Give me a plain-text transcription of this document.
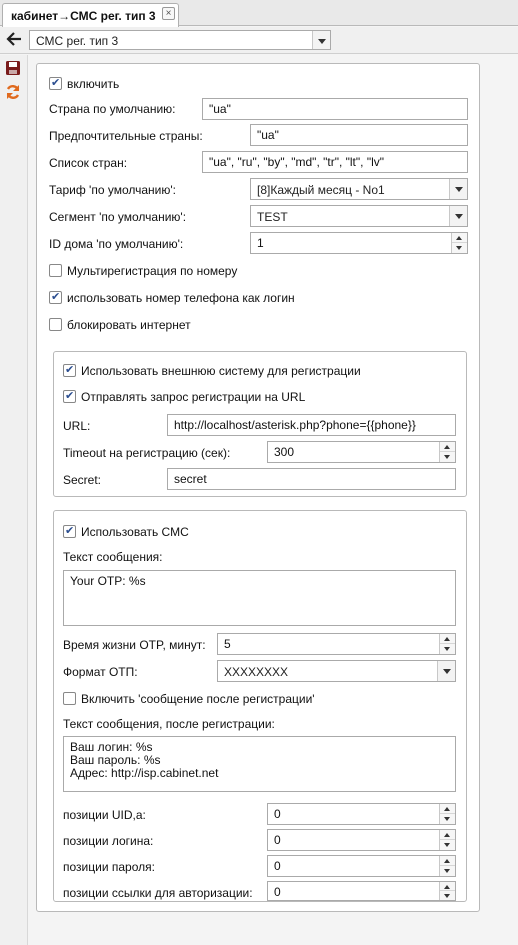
кабинет→СМС рег. тип 3 ×
СМС рег. тип 3
✔
включить
Страна по умолчанию:	"ua"
Предпочтительные страны:	"ua"
Список стран:	"ua", "ru", "by", "md", "tr", "lt", "lv"
Тариф 'по умолчанию':	[8]Каждый месяц - No1
Сегмент 'по умолчанию':	TEST
ID дома 'по умолчанию':	1
Мультирегистрация по номеру
✔
использовать номер телефона как логин
блокировать интернет
✔
Использовать внешнюю систему для регистрации
✔
Отправлять запрос регистрации на URL
URL:	http://localhost/asterisk.php?phone={{phone}}
Timeout на регистрацию (сек):	300
Secret:	secret
✔
Использовать СМС
Текст сообщения:
Your OTP: %s
Время жизни OTP, минут:	5
Формат ОТП:	XXXXXXXX
Включить 'сообщение после регистрации'
Текст сообщения, после регистрации:
Ваш логин: %s
Ваш пароль: %s
Адрес: http://isp.cabinet.net
позиции UID,а:	0
позиции логина:	0
позиции пароля:	0
позиции ссылки для авторизации:	0
